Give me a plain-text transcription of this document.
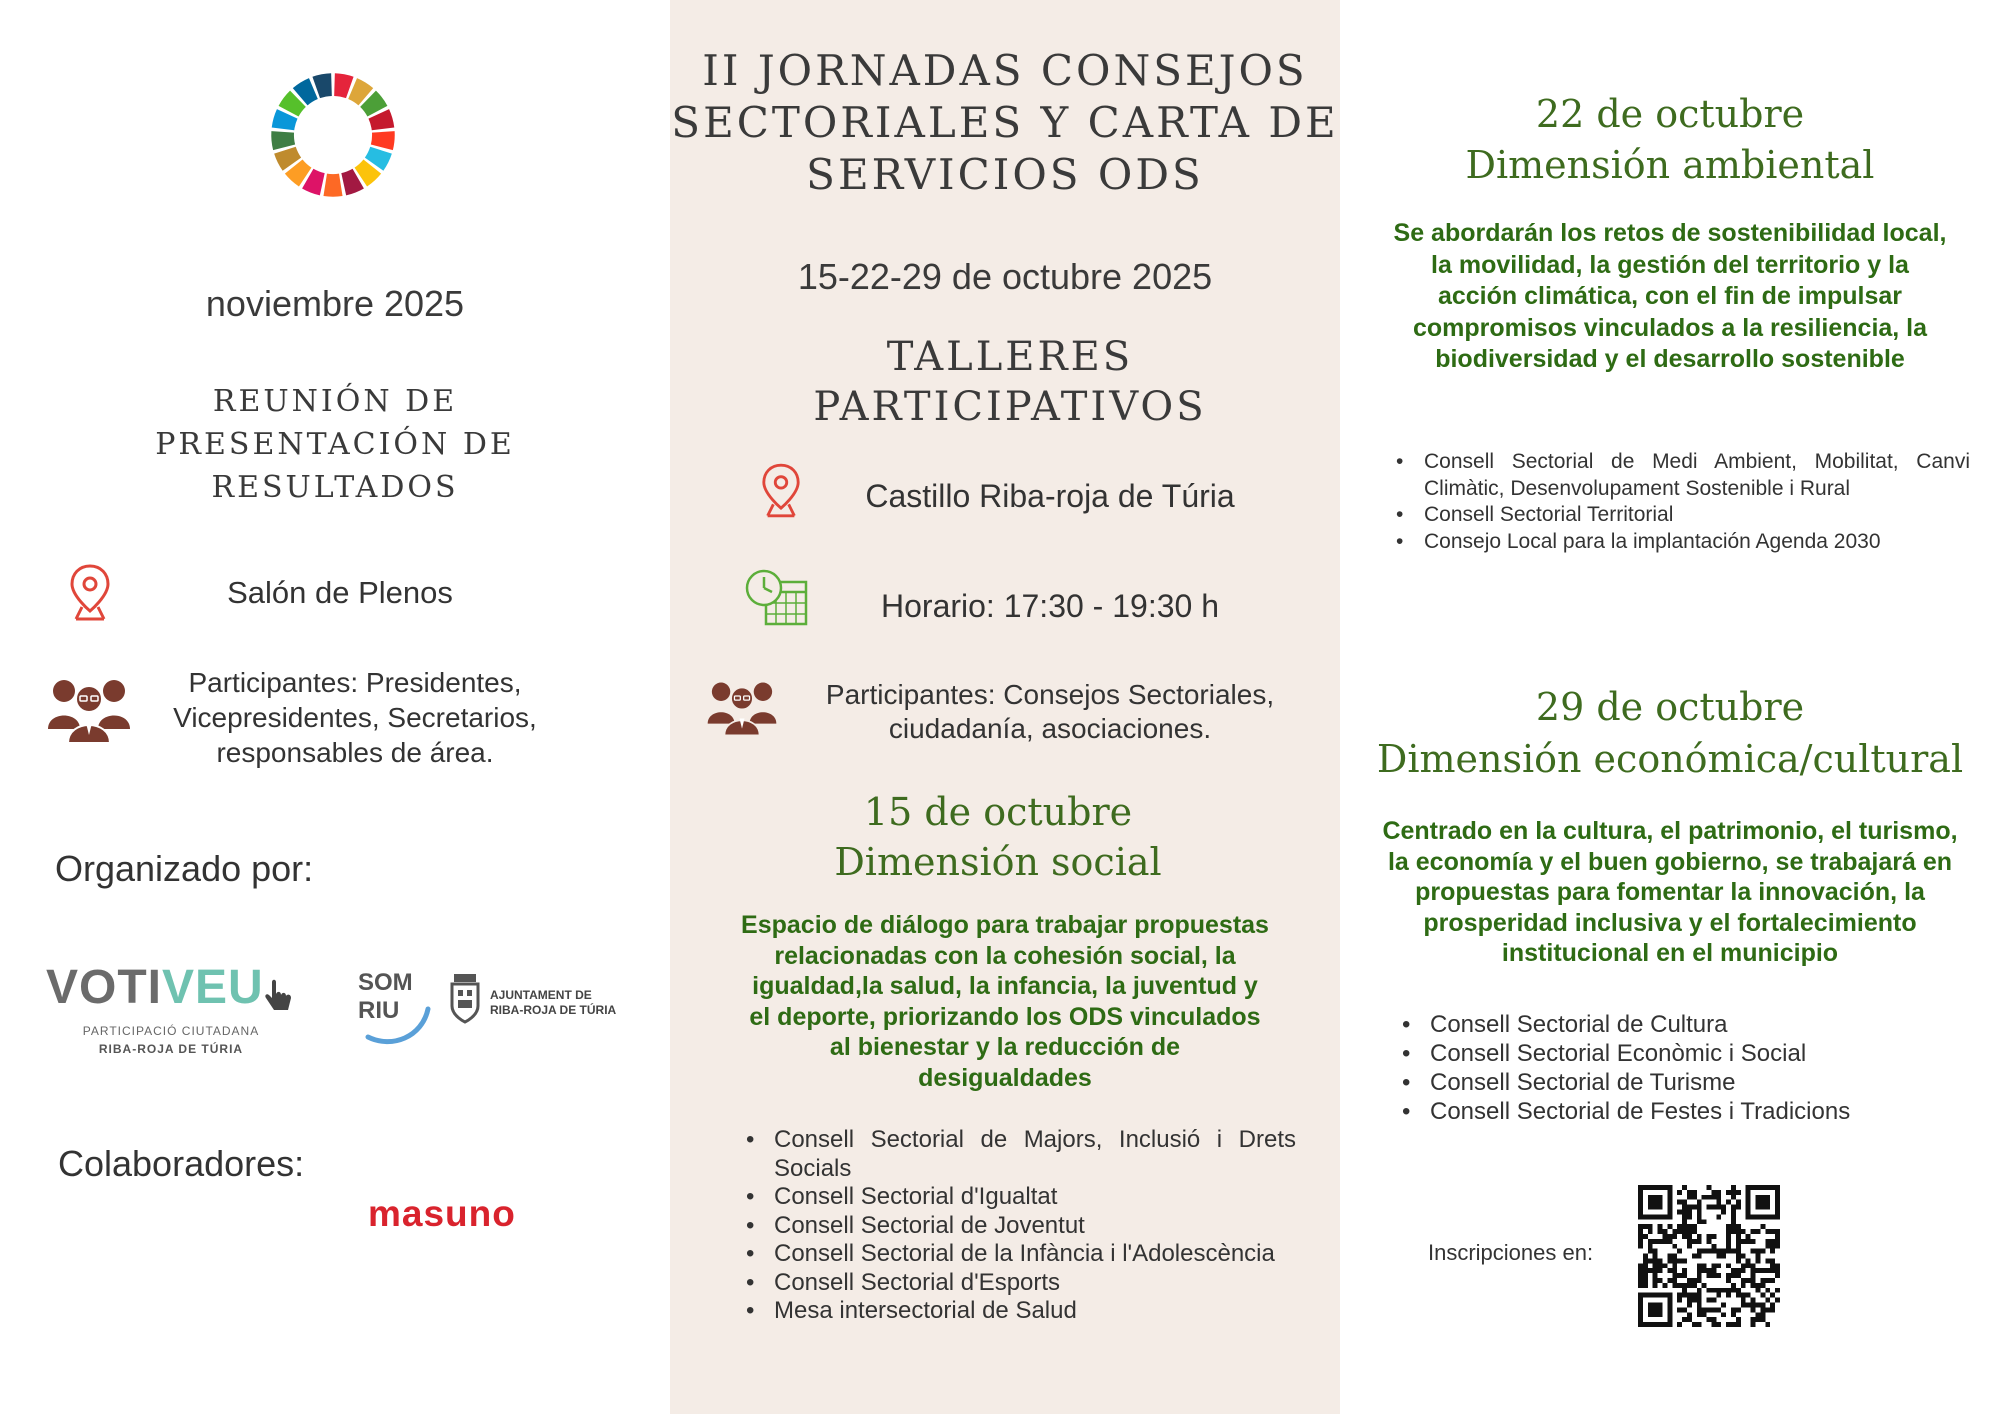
noviembre 2025
REUNIÓN DE PRESENTACIÓN DE RESULTADOS
Salón de Plenos
Participantes: Presidentes, Vicepresidentes, Secretarios, responsables de área.
Organizado por:
VOTIVEU
PARTICIPACIÓ CIUTADANA
RIBA-ROJA DE TÚRIA
SOM
RIU
AJUNTAMENT DE
RIBA-ROJA DE TÚRIA
Colaboradores:
masuno
II JORNADAS CONSEJOS SECTORIALES Y CARTA DE SERVICIOS ODS
15-22-29 de octubre 2025
TALLERES PARTICIPATIVOS
Castillo Riba-roja de Túria
Horario: 17:30 - 19:30 h
Participantes: Consejos Sectoriales, ciudadanía, asociaciones.
15 de octubre
Dimensión social
Espacio de diálogo para trabajar propuestas relacionadas con la cohesión social, la igualdad,la salud, la infancia, la juventud y el deporte, priorizando los ODS vinculados al bienestar y la reducción de desigualdades
• Consell Sectorial de Majors, Inclusió i Drets Socials
• Consell Sectorial d'Igualtat
• Consell Sectorial de Joventut
• Consell Sectorial de la Infància i l'Adolescència
• Consell Sectorial d'Esports
• Mesa intersectorial de Salud
22 de octubre
Dimensión ambiental
Se abordarán los retos de sostenibilidad local, la movilidad, la gestión del territorio y la acción climática, con el fin de impulsar compromisos vinculados a la resiliencia, la biodiversidad y el desarrollo sostenible
• Consell Sectorial de Medi Ambient, Mobilitat, Canvi Climàtic, Desenvolupament Sostenible i Rural
• Consell Sectorial Territorial
• Consejo Local para la implantación Agenda 2030
29 de octubre
Dimensión económica/cultural
Centrado en la cultura, el patrimonio, el turismo, la economía y el buen gobierno, se trabajará en propuestas para fomentar la innovación, la prosperidad inclusiva y el fortalecimiento institucional en el municipio
• Consell Sectorial de Cultura
• Consell Sectorial Econòmic i Social
• Consell Sectorial de Turisme
• Consell Sectorial de Festes i Tradicions
Inscripciones en:
